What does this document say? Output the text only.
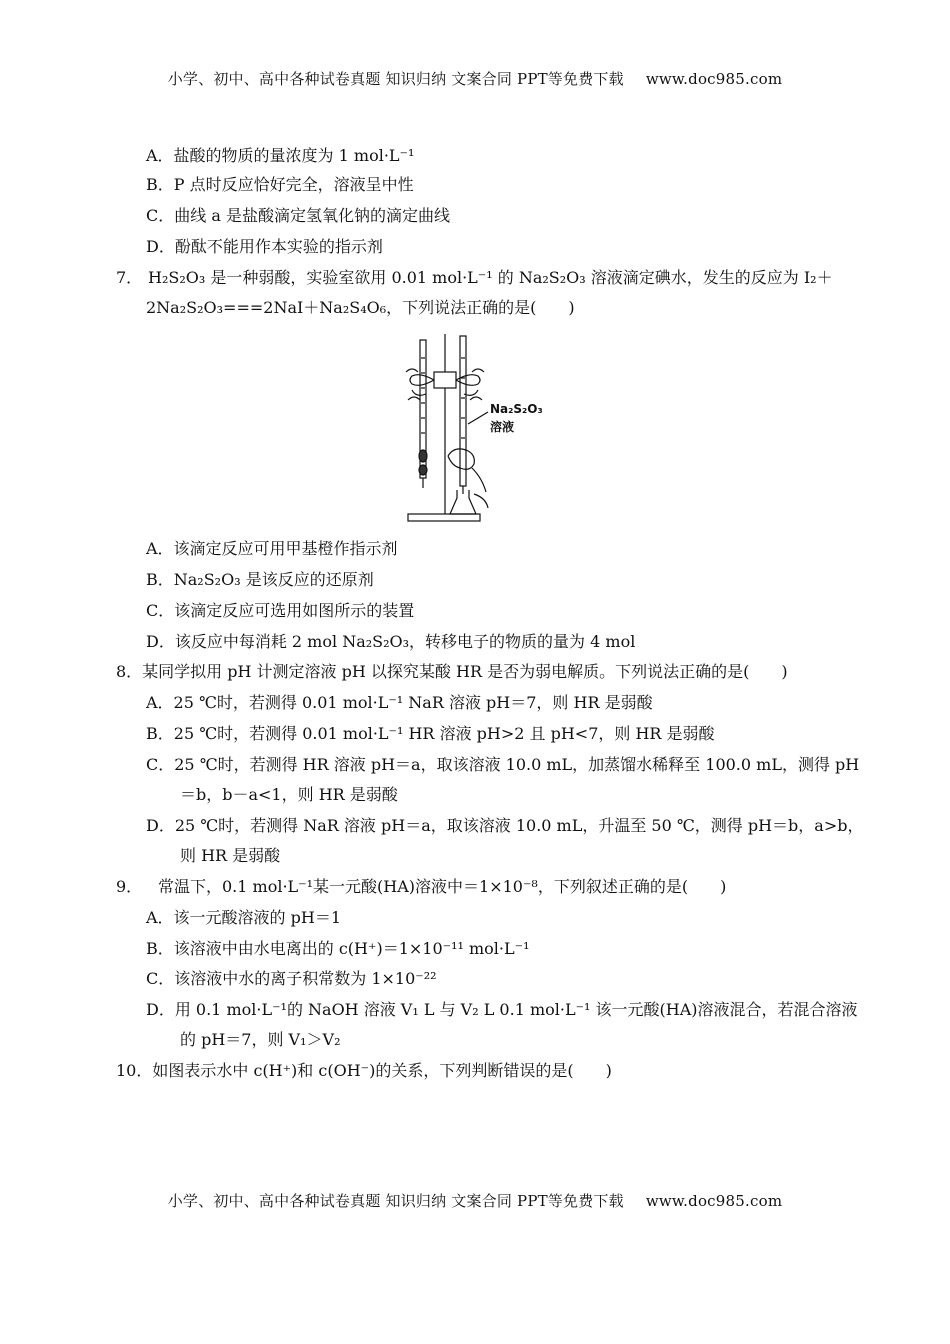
小学、初中、高中各种试卷真题 知识归纳 文案合同 PPT等免费下载 www.doc985.com
A．盐酸的物质的量浓度为 1 mol·L⁻¹
B．P 点时反应恰好完全，溶液呈中性
C．曲线 a 是盐酸滴定氢氧化钠的滴定曲线
D．酚酞不能用作本实验的指示剂
7． H₂S₂O₃ 是一种弱酸，实验室欲用 0.01 mol·L⁻¹ 的 Na₂S₂O₃ 溶液滴定碘水，发生的反应为 I₂＋
2Na₂S₂O₃===2NaI＋Na₂S₄O₆，下列说法正确的是(　　)
Na₂S₂O₃
溶液
A．该滴定反应可用甲基橙作指示剂
B．Na₂S₂O₃ 是该反应的还原剂
C．该滴定反应可选用如图所示的装置
D．该反应中每消耗 2 mol Na₂S₂O₃，转移电子的物质的量为 4 mol
8．某同学拟用 pH 计测定溶液 pH 以探究某酸 HR 是否为弱电解质。下列说法正确的是(　　)
A．25 ℃时，若测得 0.01 mol·L⁻¹ NaR 溶液 pH＝7，则 HR 是弱酸
B．25 ℃时，若测得 0.01 mol·L⁻¹ HR 溶液 pH>2 且 pH<7，则 HR 是弱酸
C．25 ℃时，若测得 HR 溶液 pH＝a，取该溶液 10.0 mL，加蒸馏水稀释至 100.0 mL，测得 pH
＝b，b－a<1，则 HR 是弱酸
D．25 ℃时，若测得 NaR 溶液 pH＝a，取该溶液 10.0 mL，升温至 50 ℃，测得 pH＝b，a>b，
则 HR 是弱酸
9． 常温下，0.1 mol·L⁻¹某一元酸(HA)溶液中＝1×10⁻⁸，下列叙述正确的是(　　)
A．该一元酸溶液的 pH＝1
B．该溶液中由水电离出的 c(H⁺)＝1×10⁻¹¹ mol·L⁻¹
C．该溶液中水的离子积常数为 1×10⁻²²
D．用 0.1 mol·L⁻¹的 NaOH 溶液 V₁ L 与 V₂ L 0.1 mol·L⁻¹ 该一元酸(HA)溶液混合，若混合溶液
的 pH＝7，则 V₁＞V₂
10．如图表示水中 c(H⁺)和 c(OH⁻)的关系，下列判断错误的是(　　)
小学、初中、高中各种试卷真题 知识归纳 文案合同 PPT等免费下载 www.doc985.com
